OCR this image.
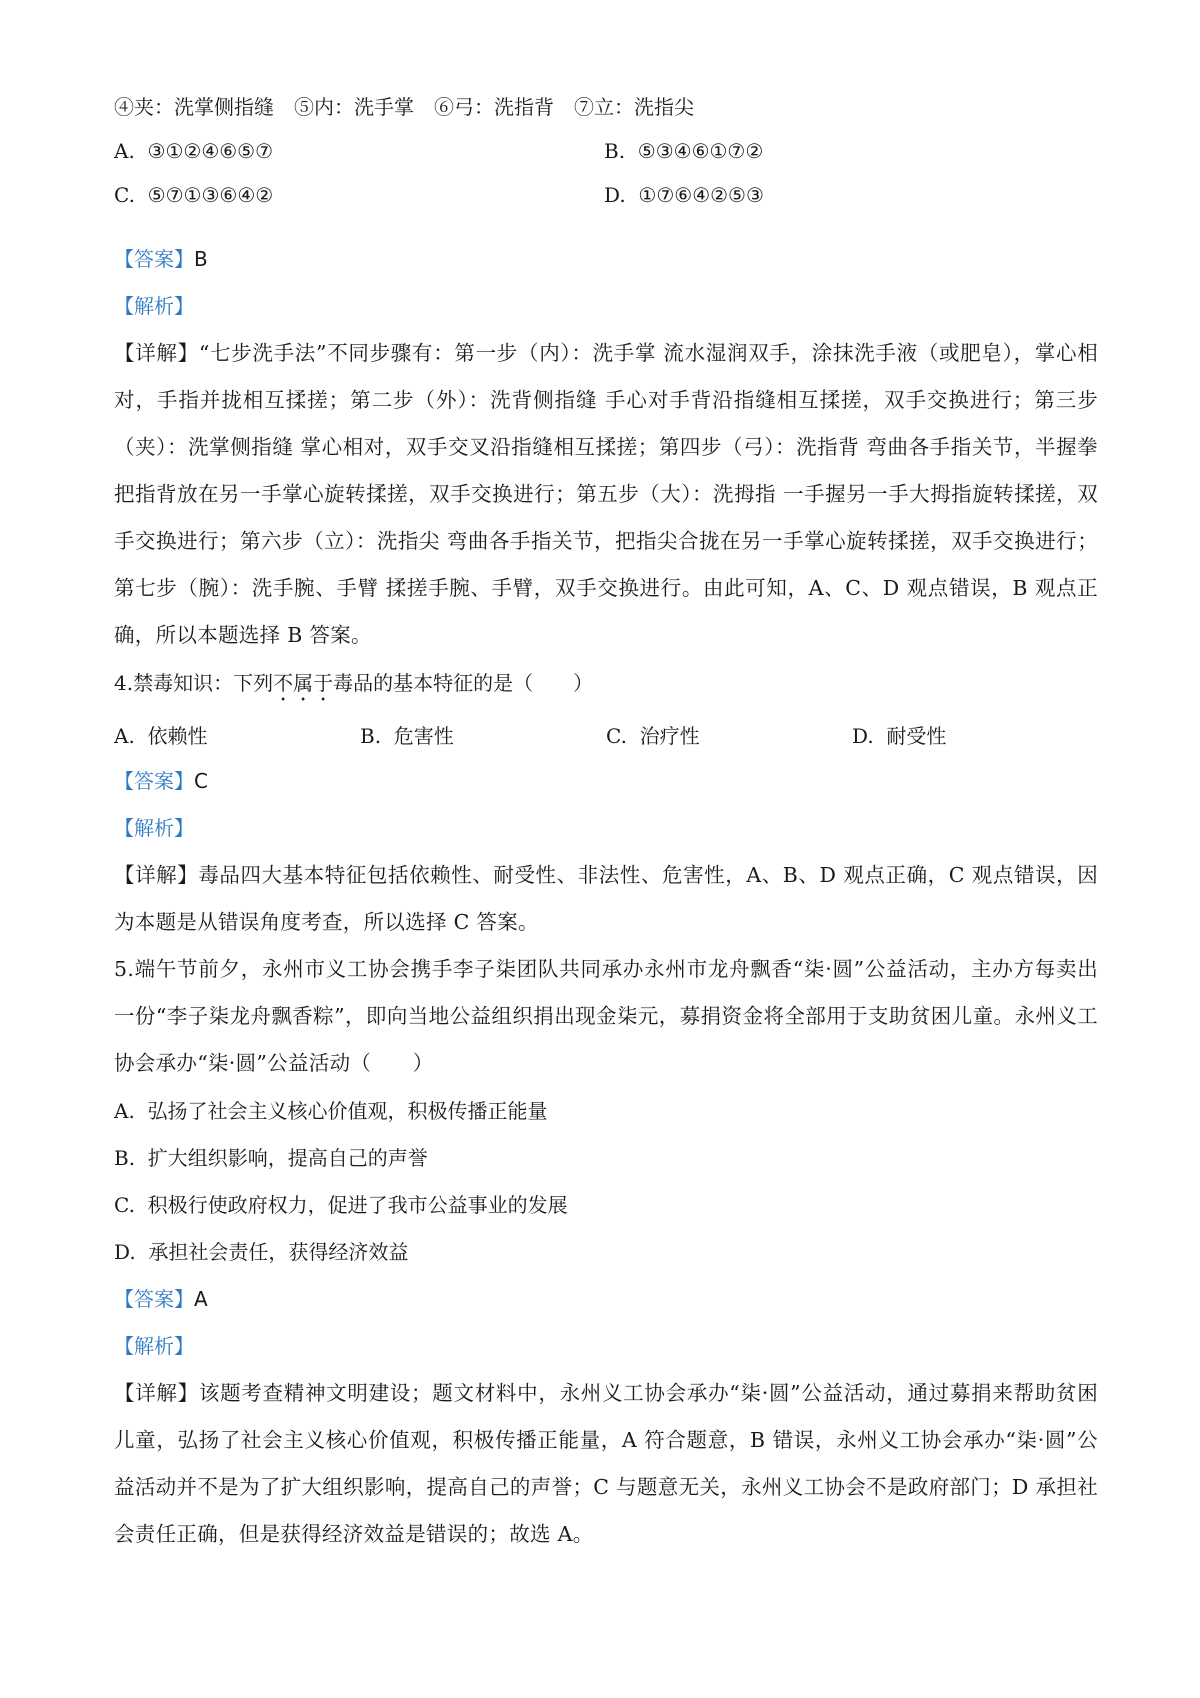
④夹：洗掌侧指缝　⑤内：洗手掌　⑥弓：洗指背　⑦立：洗指尖
A. ③①②④⑥⑤⑦	B. ⑤③④⑥①⑦②
C. ⑤⑦①③⑥④②	D. ①⑦⑥④②⑤③
【答案】B
【解析】
【详解】“七步洗手法”不同步骤有：第一步（内）：洗手掌 流水湿润双手，涂抹洗手液（或肥皂），掌心相对，手指并拢相互揉搓；第二步（外）：洗背侧指缝 手心对手背沿指缝相互揉搓，双手交换进行；第三步（夹）：洗掌侧指缝 掌心相对，双手交叉沿指缝相互揉搓；第四步（弓）：洗指背 弯曲各手指关节，半握拳把指背放在另一手掌心旋转揉搓，双手交换进行；第五步（大）：洗拇指 一手握另一手大拇指旋转揉搓，双手交换进行；第六步（立）：洗指尖 弯曲各手指关节，把指尖合拢在另一手掌心旋转揉搓，双手交换进行；第七步（腕）：洗手腕、手臂 揉搓手腕、手臂，双手交换进行。由此可知，A、C、D 观点错误，B 观点正确，所以本题选择 B 答案。
4.禁毒知识：下列不属于毒品的基本特征的是（　　）
A. 依赖性	B. 危害性	C. 治疗性	D. 耐受性
【答案】C
【解析】
【详解】毒品四大基本特征包括依赖性、耐受性、非法性、危害性，A、B、D 观点正确，C 观点错误，因为本题是从错误角度考查，所以选择 C 答案。
5.端午节前夕，永州市义工协会携手李子柒团队共同承办永州市龙舟飘香“柒·圆”公益活动，主办方每卖出一份“李子柒龙舟飘香粽”，即向当地公益组织捐出现金柒元，募捐资金将全部用于支助贫困儿童。永州义工协会承办“柒·圆”公益活动（　　）
A. 弘扬了社会主义核心价值观，积极传播正能量
B. 扩大组织影响，提高自己的声誉
C. 积极行使政府权力，促进了我市公益事业的发展
D. 承担社会责任，获得经济效益
【答案】A
【解析】
【详解】该题考查精神文明建设；题文材料中，永州义工协会承办“柒·圆”公益活动，通过募捐来帮助贫困儿童，弘扬了社会主义核心价值观，积极传播正能量，A 符合题意，B 错误，永州义工协会承办“柒·圆”公益活动并不是为了扩大组织影响，提高自己的声誉；C 与题意无关，永州义工协会不是政府部门；D 承担社会责任正确，但是获得经济效益是错误的；故选 A。
